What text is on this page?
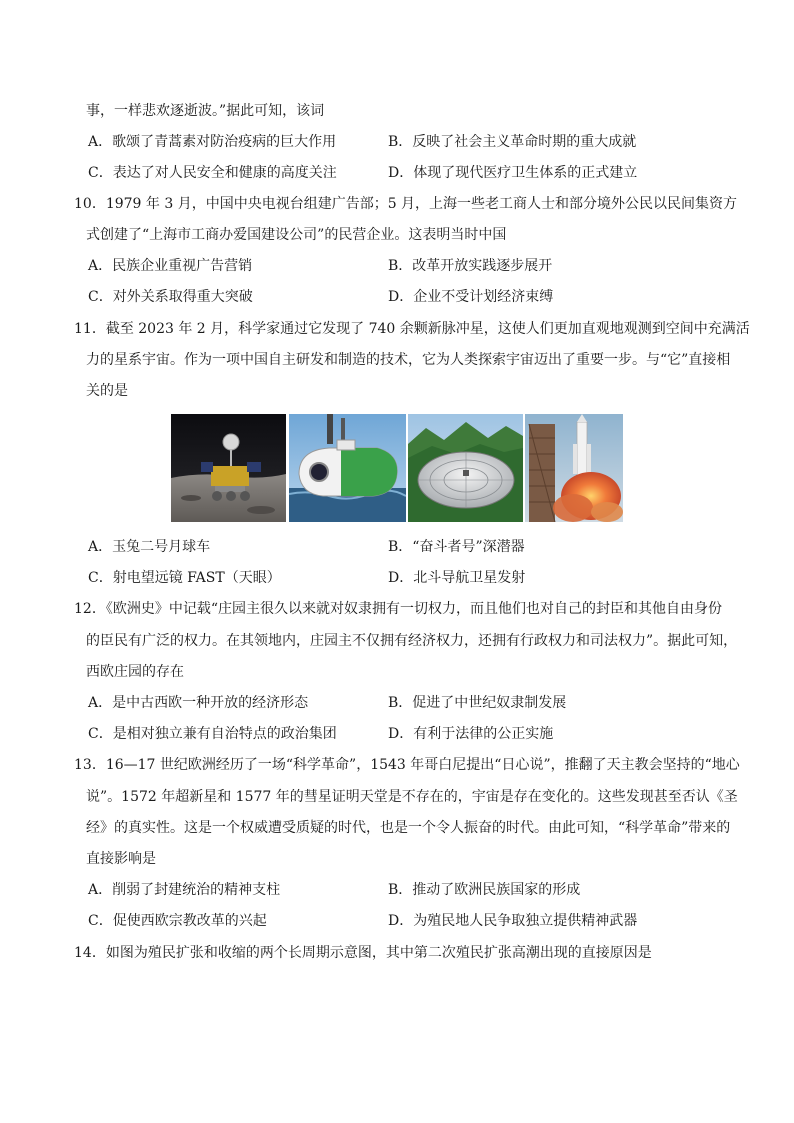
事，一样悲欢逐逝波。”据此可知，该词
A．歌颂了青蒿素对防治疫病的巨大作用	B．反映了社会主义革命时期的重大成就
C．表达了对人民安全和健康的高度关注	D．体现了现代医疗卫生体系的正式建立
10．1979 年 3 月，中国中央电视台组建广告部；5 月，上海一些老工商人士和部分境外公民以民间集资方
式创建了“上海市工商办爱国建设公司”的民营企业。这表明当时中国
A．民族企业重视广告营销	B．改革开放实践逐步展开
C．对外关系取得重大突破	D．企业不受计划经济束缚
11．截至 2023 年 2 月，科学家通过它发现了 740 余颗新脉冲星，这使人们更加直观地观测到空间中充满活
力的星系宇宙。作为一项中国自主研发和制造的技术，它为人类探索宇宙迈出了重要一步。与“它”直接相
关的是
A．玉兔二号月球车	B．“奋斗者号”深潜器
C．射电望远镜 FAST（天眼）	D．北斗导航卫星发射
12．《欧洲史》中记载“庄园主很久以来就对奴隶拥有一切权力，而且他们也对自己的封臣和其他自由身份
的臣民有广泛的权力。在其领地内，庄园主不仅拥有经济权力，还拥有行政权力和司法权力”。据此可知，
西欧庄园的存在
A．是中古西欧一种开放的经济形态	B．促进了中世纪奴隶制发展
C．是相对独立兼有自治特点的政治集团	D．有利于法律的公正实施
13．16—17 世纪欧洲经历了一场“科学革命”，1543 年哥白尼提出“日心说”，推翻了天主教会坚持的“地心
说”。1572 年超新星和 1577 年的彗星证明天堂是不存在的，宇宙是存在变化的。这些发现甚至否认《圣
经》的真实性。这是一个权威遭受质疑的时代，也是一个令人振奋的时代。由此可知，“科学革命”带来的
直接影响是
A．削弱了封建统治的精神支柱	B．推动了欧洲民族国家的形成
C．促使西欧宗教改革的兴起	D．为殖民地人民争取独立提供精神武器
14．如图为殖民扩张和收缩的两个长周期示意图，其中第二次殖民扩张高潮出现的直接原因是
